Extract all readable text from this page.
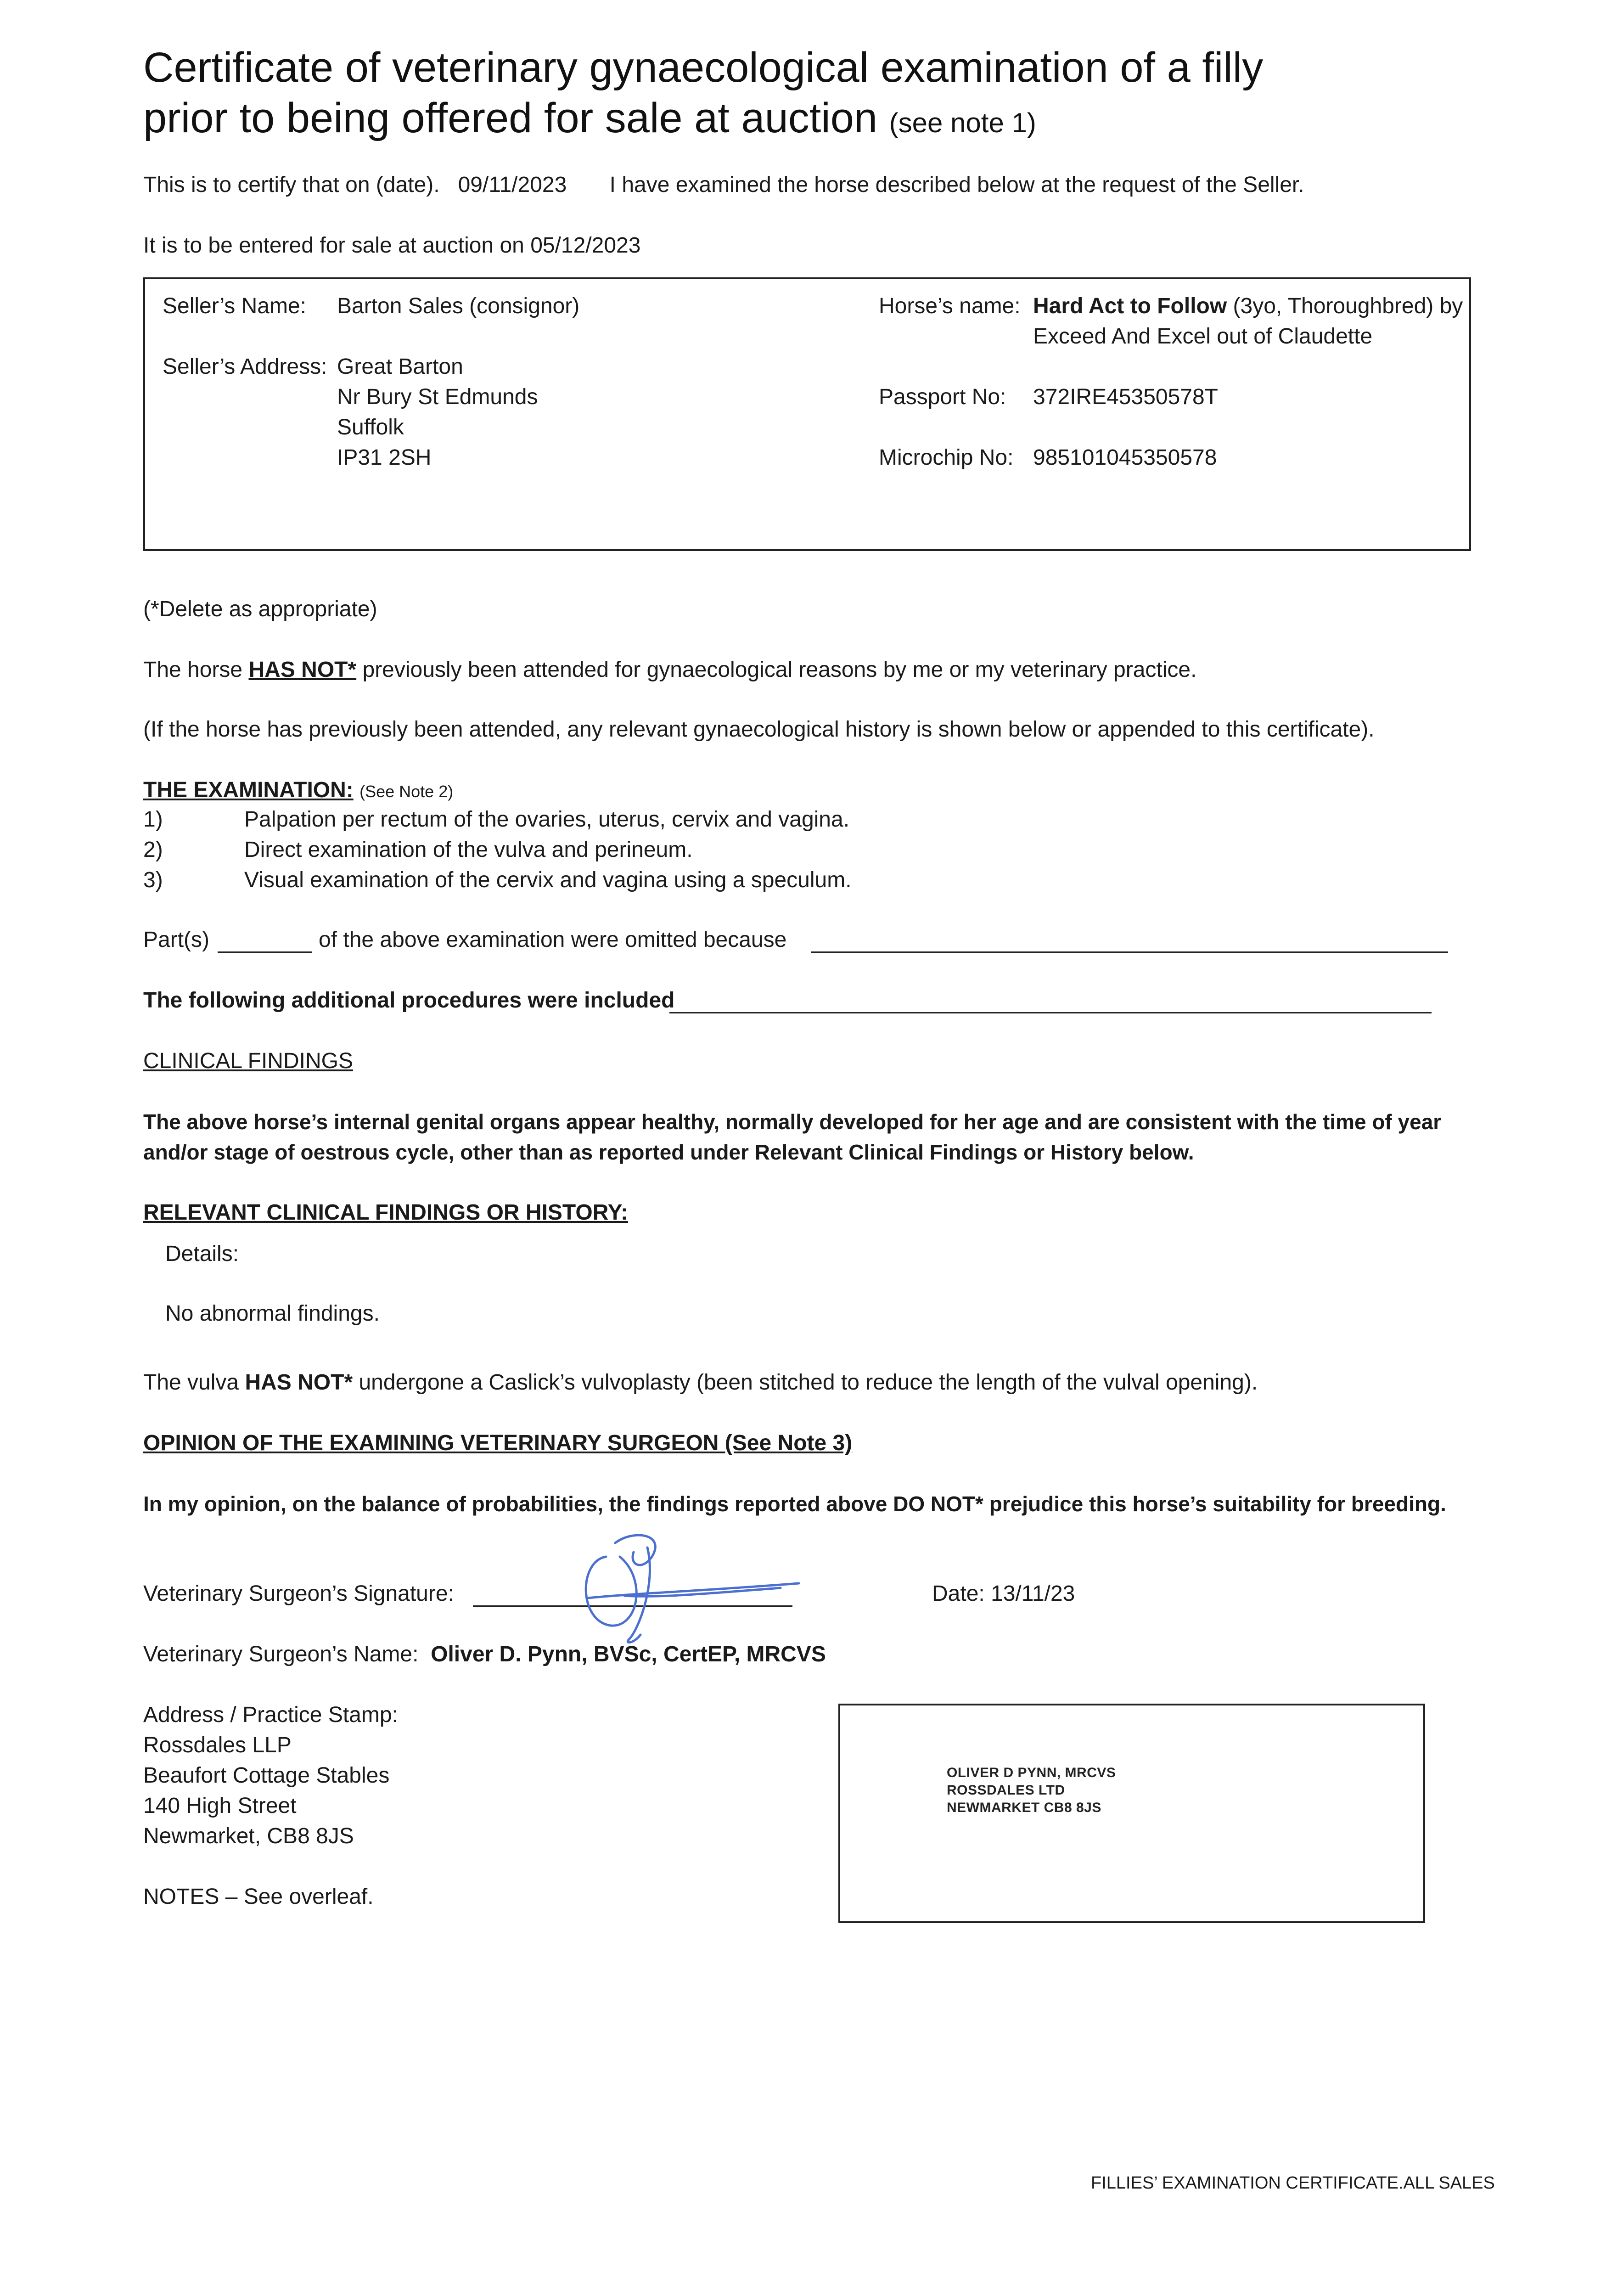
Certificate of veterinary gynaecological examination of a filly
prior to being offered for sale at auction (see note 1)
This is to certify that on (date). 09/11/2023 I have examined the horse described below at the request of the Seller.
It is to be entered for sale at auction on 05/12/2023
Seller’s Name: Barton Sales (consignor)
Seller’s Address: Great Barton
Nr Bury St Edmunds
Suffolk
IP31 2SH
Horse’s name: Hard Act to Follow (3yo, Thoroughbred) by
Exceed And Excel out of Claudette
Passport No: 372IRE45350578T
Microchip No: 985101045350578
(*Delete as appropriate)
The horse HAS NOT* previously been attended for gynaecological reasons by me or my veterinary practice.
(If the horse has previously been attended, any relevant gynaecological history is shown below or appended to this certificate).
THE EXAMINATION: (See Note 2)
1)	Palpation per rectum of the ovaries, uterus, cervix and vagina.
2)	Direct examination of the vulva and perineum.
3)	Visual examination of the cervix and vagina using a speculum.
Part(s)	of the above examination were omitted because
The following additional procedures were included
CLINICAL FINDINGS
The above horse’s internal genital organs appear healthy, normally developed for her age and are consistent with the time of year
and/or stage of oestrous cycle, other than as reported under Relevant Clinical Findings or History below.
RELEVANT CLINICAL FINDINGS OR HISTORY:
Details:
No abnormal findings.
The vulva HAS NOT* undergone a Caslick’s vulvoplasty (been stitched to reduce the length of the vulval opening).
OPINION OF THE EXAMINING VETERINARY SURGEON (See Note 3)
In my opinion, on the balance of probabilities, the findings reported above DO NOT* prejudice this horse’s suitability for breeding.
Veterinary Surgeon’s Signature:	Date: 13/11/23
Veterinary Surgeon’s Name: Oliver D. Pynn, BVSc, CertEP, MRCVS
Address / Practice Stamp:
Rossdales LLP
Beaufort Cottage Stables
140 High Street
Newmarket, CB8 8JS
NOTES – See overleaf.
OLIVER D PYNN, MRCVS
ROSSDALES LTD
NEWMARKET CB8 8JS
FILLIES’ EXAMINATION CERTIFICATE.ALL SALES
